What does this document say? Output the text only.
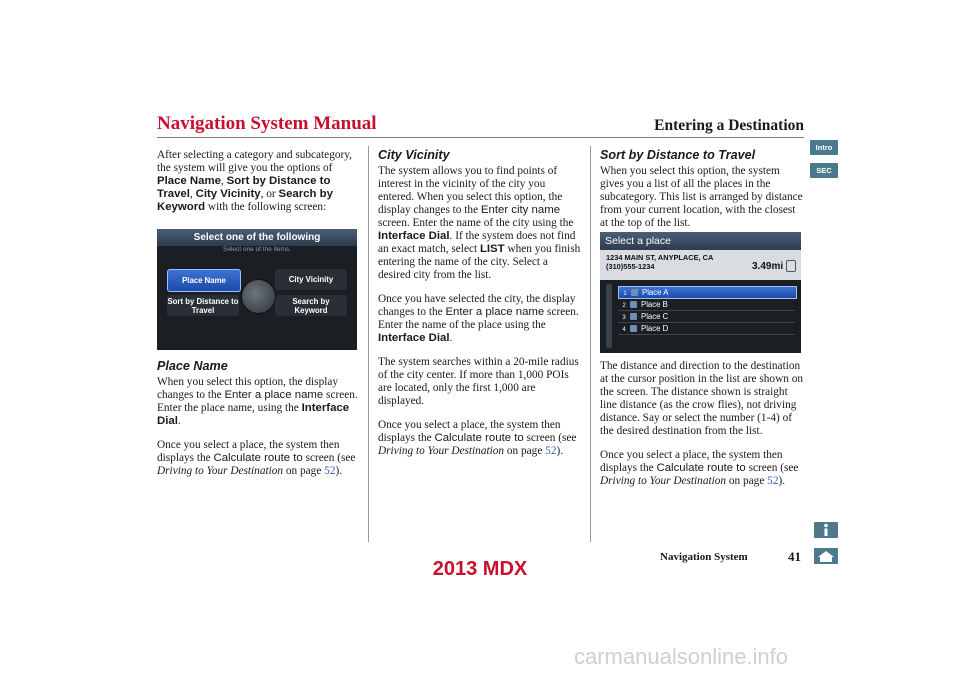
Navigation System Manual	Entering a Destination
Intro
SEC

After selecting a category and subcategory, the system will give you the options of Place Name, Sort by Distance to Travel, City Vicinity, or Search by Keyword with the following screen:

Select one of the following
Select one of the items.
Place Name	City Vicinity
Sort by Distance to Travel
Search by Keyword
Place Name

When you select this option, the display changes to the Enter a place name screen. Enter the place name, using the Interface Dial.

Once you select a place, the system then displays the Calculate route to screen (see Driving to Your Destination on page 52).

City Vicinity

The system allows you to find points of interest in the vicinity of the city you entered. When you select this option, the display changes to the Enter city name screen. Enter the name of the city using the Interface Dial. If the system does not find an exact match, select LIST when you finish entering the name of the city. Select a desired city from the list.

Once you have selected the city, the display changes to the Enter a place name screen. Enter the name of the place using the Interface Dial.

The system searches within a 20-mile radius of the city center. If more than 1,000 POIs are located, only the first 1,000 are displayed.

Once you select a place, the system then displays the Calculate route to screen (see Driving to Your Destination on page 52).

Sort by Distance to Travel

When you select this option, the system gives you a list of all the places in the subcategory. This list is arranged by distance from your current location, with the closest at the top of the list.

Select a place
1234 MAIN ST, ANYPLACE, CA
(310)555-1234	3.49mi
1 Place A
2 Place B
3 Place C
4 Place D

The distance and direction to the destination at the cursor position in the list are shown on the screen. The distance shown is straight line distance (as the crow flies), not driving distance. Say or select the number (1-4) of the desired destination from the list.

Once you select a place, the system then displays the Calculate route to screen (see Driving to Your Destination on page 52).

Navigation System	41
2013 MDX
carmanualsonline.info
